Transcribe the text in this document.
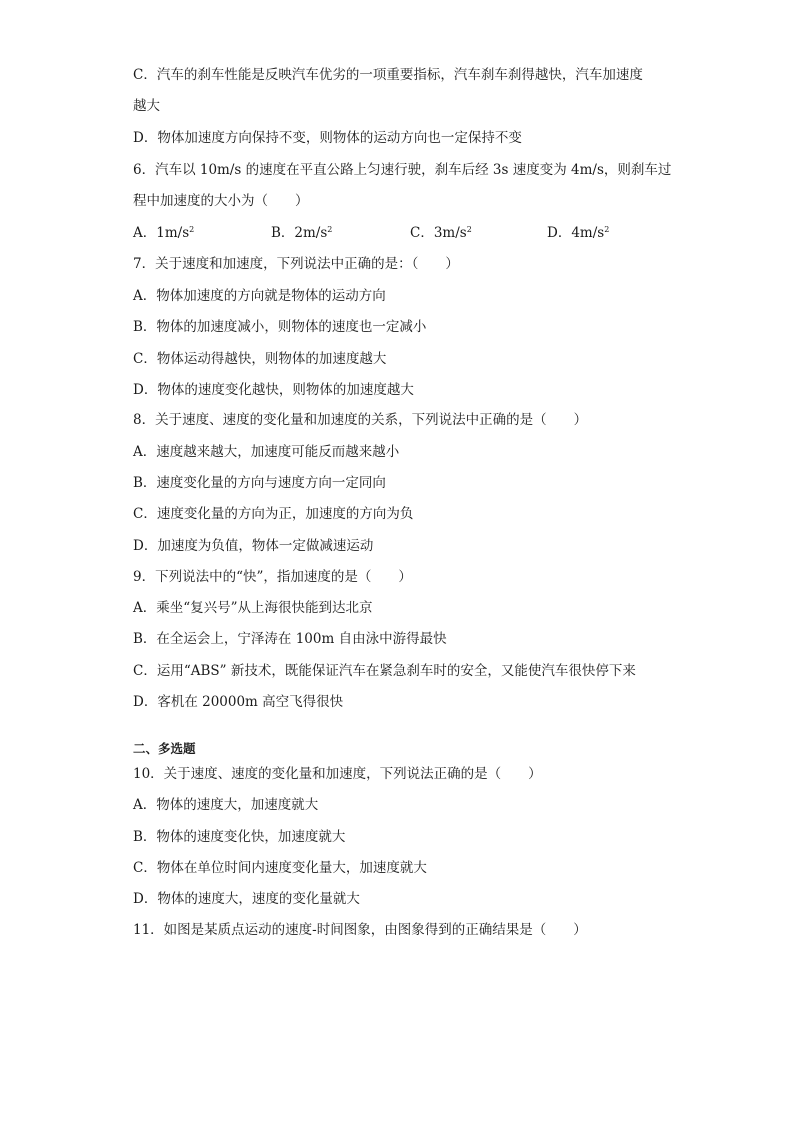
C．汽车的刹车性能是反映汽车优劣的一项重要指标，汽车刹车刹得越快，汽车加速度
越大
D．物体加速度方向保持不变，则物体的运动方向也一定保持不变
6．汽车以 10m/s 的速度在平直公路上匀速行驶，刹车后经 3s 速度变为 4m/s，则刹车过
程中加速度的大小为（　　）
A．$1m/s^2$	B．$2m/s^2$	C．$3m/s^2$	D．$4m/s^2$
7．关于速度和加速度，下列说法中正确的是：（　　）
A．物体加速度的方向就是物体的运动方向
B．物体的加速度减小，则物体的速度也一定减小
C．物体运动得越快，则物体的加速度越大
D．物体的速度变化越快，则物体的加速度越大
8．关于速度、速度的变化量和加速度的关系，下列说法中正确的是（　　）
A．速度越来越大，加速度可能反而越来越小
B．速度变化量的方向与速度方向一定同向
C．速度变化量的方向为正，加速度的方向为负
D．加速度为负值，物体一定做减速运动
9．下列说法中的“快”，指加速度的是（　　）
A．乘坐“复兴号”从上海很快能到达北京
B．在全运会上，宁泽涛在 100m 自由泳中游得最快
C．运用“ABS” 新技术，既能保证汽车在紧急刹车时的安全，又能使汽车很快停下来
D．客机在 20000m 高空飞得很快
二、多选题
10．关于速度、速度的变化量和加速度，下列说法正确的是（　　）
A．物体的速度大，加速度就大
B．物体的速度变化快，加速度就大
C．物体在单位时间内速度变化量大，加速度就大
D．物体的速度大，速度的变化量就大
11．如图是某质点运动的速度-时间图象，由图象得到的正确结果是（　　）
